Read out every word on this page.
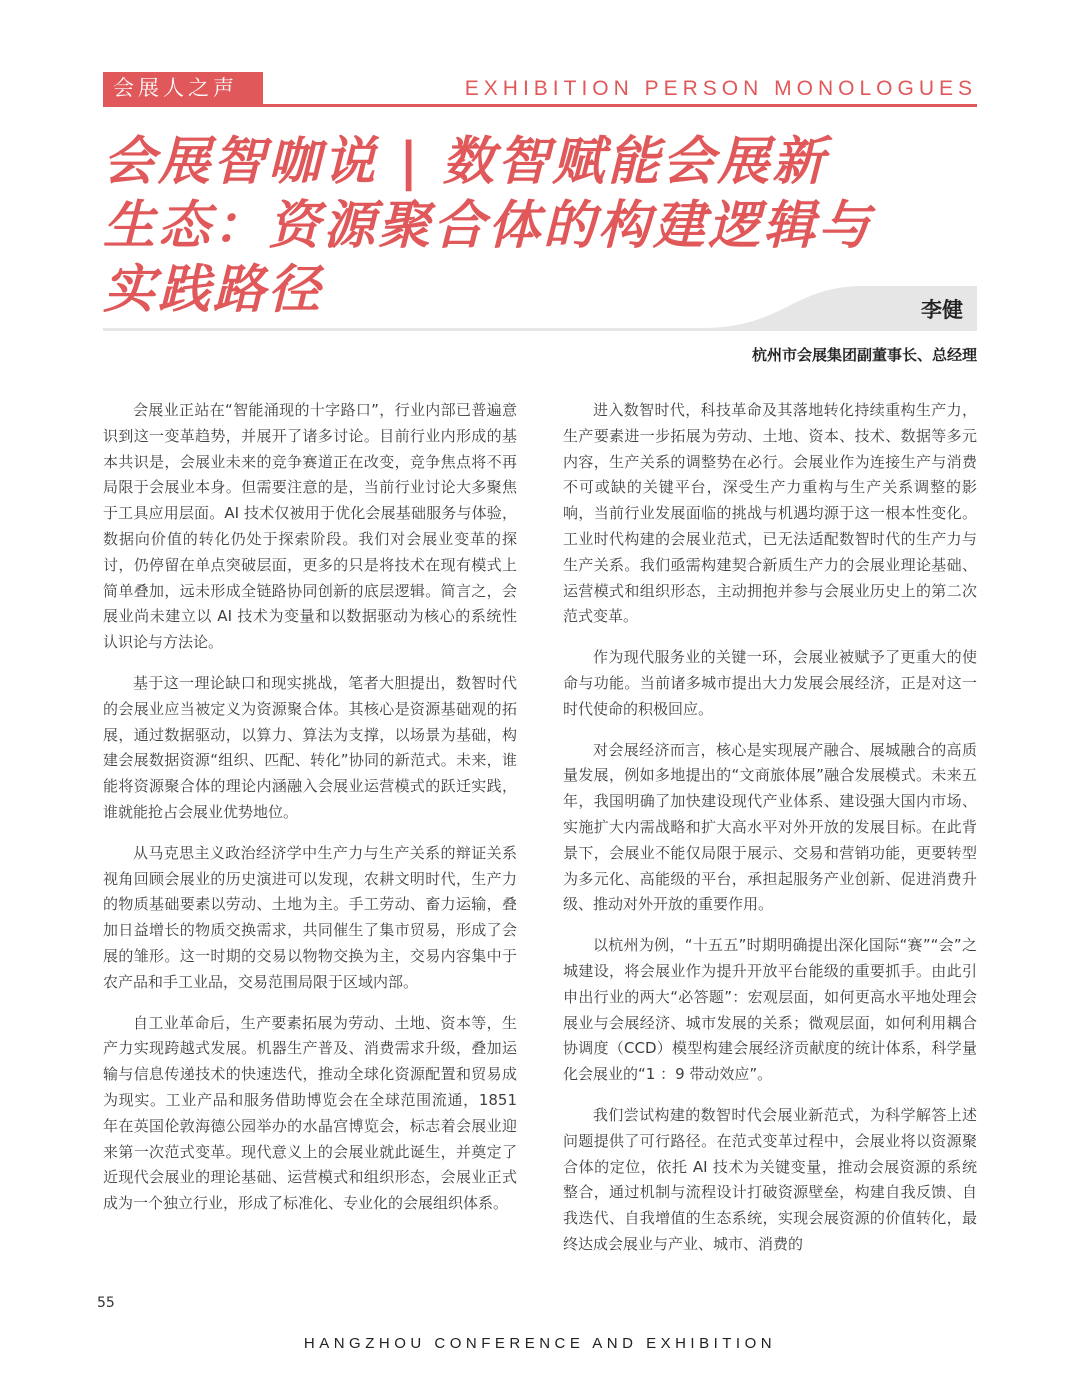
会展人之声	EXHIBITION PERSON MONOLOGUES
会展智咖说 | 数智赋能会展新
生态：资源聚合体的构建逻辑与
实践路径	李健
杭州市会展集团副董事长、总经理

会展业正站在“智能涌现的十字路口”，行业内部已普遍意识到这一变革趋势，并展开了诸多讨论。目前行业内形成的基本共识是，会展业未来的竞争赛道正在改变，竞争焦点将不再局限于会展业本身。但需要注意的是，当前行业讨论大多聚焦于工具应用层面。AI 技术仅被用于优化会展基础服务与体验，数据向价值的转化仍处于探索阶段。我们对会展业变革的探讨，仍停留在单点突破层面，更多的只是将技术在现有模式上简单叠加，远未形成全链路协同创新的底层逻辑。简言之，会展业尚未建立以 AI 技术为变量和以数据驱动为核心的系统性认识论与方法论。

基于这一理论缺口和现实挑战，笔者大胆提出，数智时代的会展业应当被定义为资源聚合体。其核心是资源基础观的拓展，通过数据驱动，以算力、算法为支撑，以场景为基础，构建会展数据资源“组织、匹配、转化”协同的新范式。未来，谁能将资源聚合体的理论内涵融入会展业运营模式的跃迁实践，谁就能抢占会展业优势地位。

从马克思主义政治经济学中生产力与生产关系的辩证关系视角回顾会展业的历史演进可以发现，农耕文明时代，生产力的物质基础要素以劳动、土地为主。手工劳动、畜力运输，叠加日益增长的物质交换需求，共同催生了集市贸易，形成了会展的雏形。这一时期的交易以物物交换为主，交易内容集中于农产品和手工业品，交易范围局限于区域内部。

自工业革命后，生产要素拓展为劳动、土地、资本等，生产力实现跨越式发展。机器生产普及、消费需求升级，叠加运输与信息传递技术的快速迭代，推动全球化资源配置和贸易成为现实。工业产品和服务借助博览会在全球范围流通，1851 年在英国伦敦海德公园举办的水晶宫博览会，标志着会展业迎来第一次范式变革。现代意义上的会展业就此诞生，并奠定了近现代会展业的理论基础、运营模式和组织形态，会展业正式成为一个独立行业，形成了标准化、专业化的会展组织体系。

进入数智时代，科技革命及其落地转化持续重构生产力，生产要素进一步拓展为劳动、土地、资本、技术、数据等多元内容，生产关系的调整势在必行。会展业作为连接生产与消费不可或缺的关键平台，深受生产力重构与生产关系调整的影响，当前行业发展面临的挑战与机遇均源于这一根本性变化。工业时代构建的会展业范式，已无法适配数智时代的生产力与生产关系。我们亟需构建契合新质生产力的会展业理论基础、运营模式和组织形态，主动拥抱并参与会展业历史上的第二次范式变革。

作为现代服务业的关键一环，会展业被赋予了更重大的使命与功能。当前诸多城市提出大力发展会展经济，正是对这一时代使命的积极回应。

对会展经济而言，核心是实现展产融合、展城融合的高质量发展，例如多地提出的“文商旅体展”融合发展模式。未来五年，我国明确了加快建设现代产业体系、建设强大国内市场、实施扩大内需战略和扩大高水平对外开放的发展目标。在此背景下，会展业不能仅局限于展示、交易和营销功能，更要转型为多元化、高能级的平台，承担起服务产业创新、促进消费升级、推动对外开放的重要作用。

以杭州为例，“十五五”时期明确提出深化国际“赛”“会”之城建设，将会展业作为提升开放平台能级的重要抓手。由此引申出行业的两大“必答题”：宏观层面，如何更高水平地处理会展业与会展经济、城市发展的关系；微观层面，如何利用耦合协调度（CCD）模型构建会展经济贡献度的统计体系，科学量化会展业的“1 ：9 带动效应”。

我们尝试构建的数智时代会展业新范式，为科学解答上述问题提供了可行路径。在范式变革过程中，会展业将以资源聚合体的定位，依托 AI 技术为关键变量，推动会展资源的系统整合，通过机制与流程设计打破资源壁垒，构建自我反馈、自我迭代、自我增值的生态系统，实现会展资源的价值转化，最终达成会展业与产业、城市、消费的

55
HANGZHOU CONFERENCE AND EXHIBITION
